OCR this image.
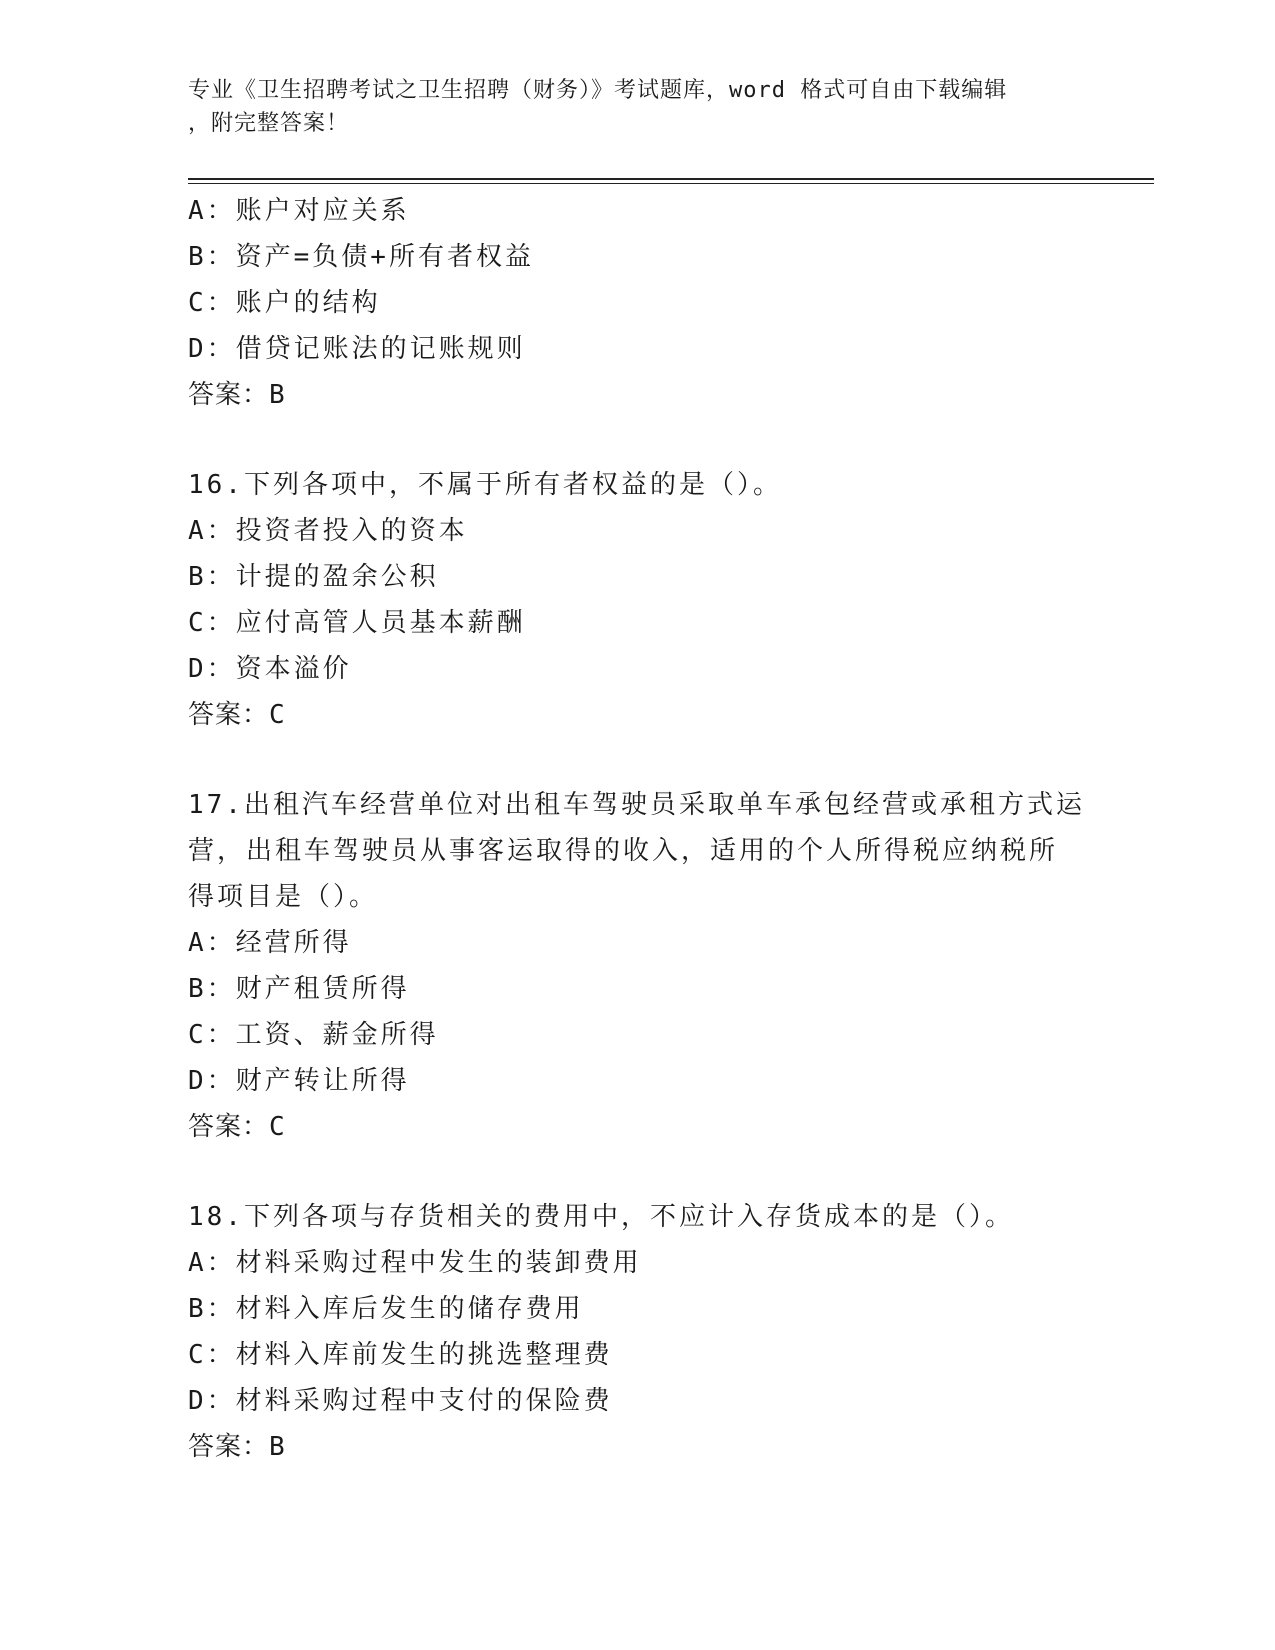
专业《卫生招聘考试之卫生招聘（财务）》考试题库，word 格式可自由下载编辑
，附完整答案！
A：账户对应关系
B：资产=负债+所有者权益
C：账户的结构
D：借贷记账法的记账规则
答案：B
16.下列各项中，不属于所有者权益的是（）。
A：投资者投入的资本
B：计提的盈余公积
C：应付高管人员基本薪酬
D：资本溢价
答案：C
17.出租汽车经营单位对出租车驾驶员采取单车承包经营或承租方式运
营，出租车驾驶员从事客运取得的收入，适用的个人所得税应纳税所
得项目是（）。
A：经营所得
B：财产租赁所得
C：工资、薪金所得
D：财产转让所得
答案：C
18.下列各项与存货相关的费用中，不应计入存货成本的是（）。
A：材料采购过程中发生的装卸费用
B：材料入库后发生的储存费用
C：材料入库前发生的挑选整理费
D：材料采购过程中支付的保险费
答案：B
